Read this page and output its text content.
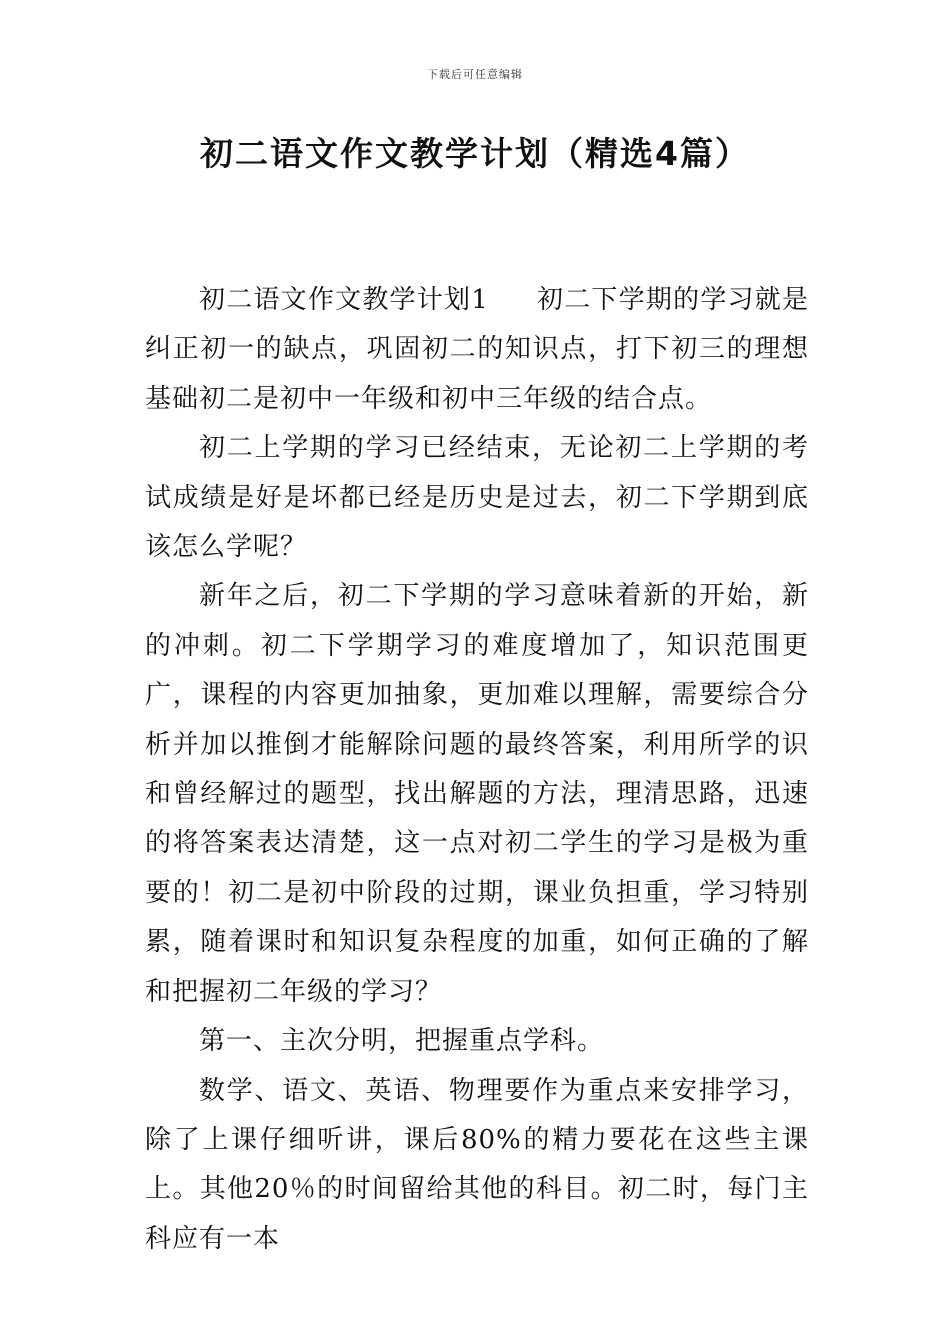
下载后可任意编辑
初二语文作文教学计划（精选4篇）

初二语文作文教学计划1 初二下学期的学习就是纠正初一的缺点，巩固初二的知识点，打下初三的理想基础初二是初中一年级和初中三年级的结合点。

初二上学期的学习已经结束，无论初二上学期的考试成绩是好是坏都已经是历史是过去，初二下学期到底该怎么学呢？

新年之后，初二下学期的学习意味着新的开始，新的冲刺。初二下学期学习的难度增加了，知识范围更广，课程的内容更加抽象，更加难以理解，需要综合分析并加以推倒才能解除问题的最终答案，利用所学的识和曾经解过的题型，找出解题的方法，理清思路，迅速的将答案表达清楚，这一点对初二学生的学习是极为重要的！初二是初中阶段的过期，课业负担重，学习特别累，随着课时和知识复杂程度的加重，如何正确的了解和把握初二年级的学习？

第一、主次分明，把握重点学科。

数学、语文、英语、物理要作为重点来安排学习，除了上课仔细听讲，课后80%的精力要花在这些主课上。其他20％的时间留给其他的科目。初二时，每门主科应有一本
